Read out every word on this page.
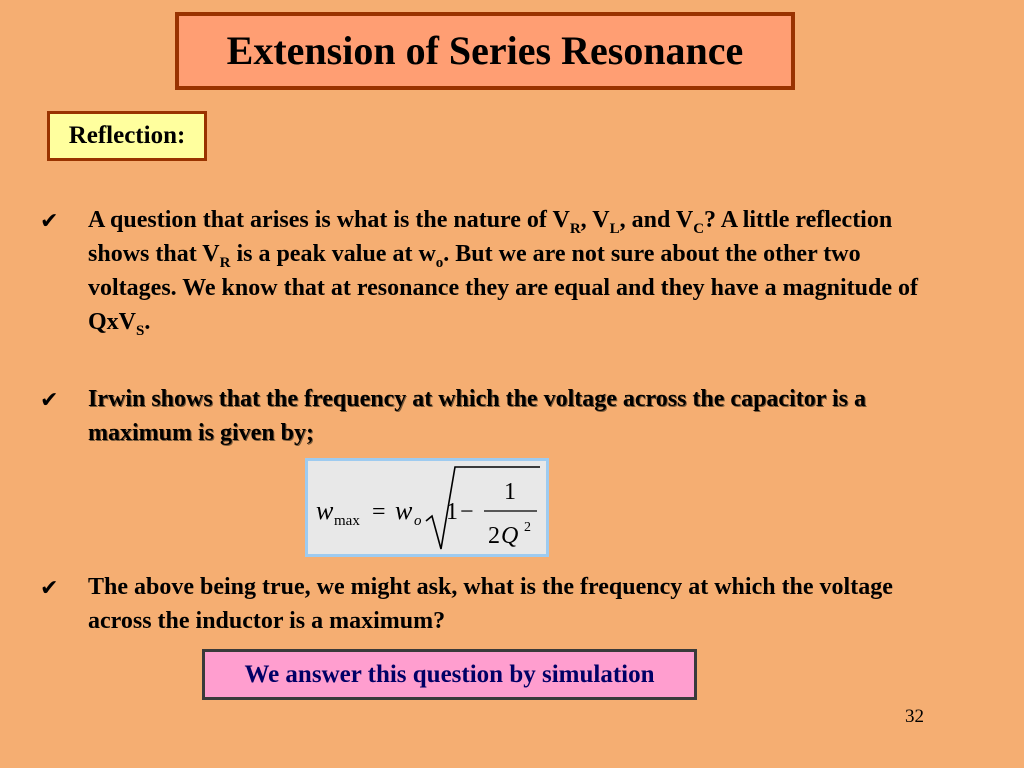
Extension of Series Resonance
Reflection:
✔ A question that arises is what is the nature of $V_R$, $V_L$, and $V_C$? A little reflection shows that $V_R$ is a peak value at $w_o$. But we are not sure about the other two voltages. We know that at resonance they are equal and they have a magnitude of QxV$_S$.
✔ Irwin shows that the frequency at which the voltage across the capacitor is a maximum is given by;
w max = w o 1 −
1
2 Q 2
✔ The above being true, we might ask, what is the frequency at which the voltage across the inductor is a maximum?
We answer this question by simulation
32
